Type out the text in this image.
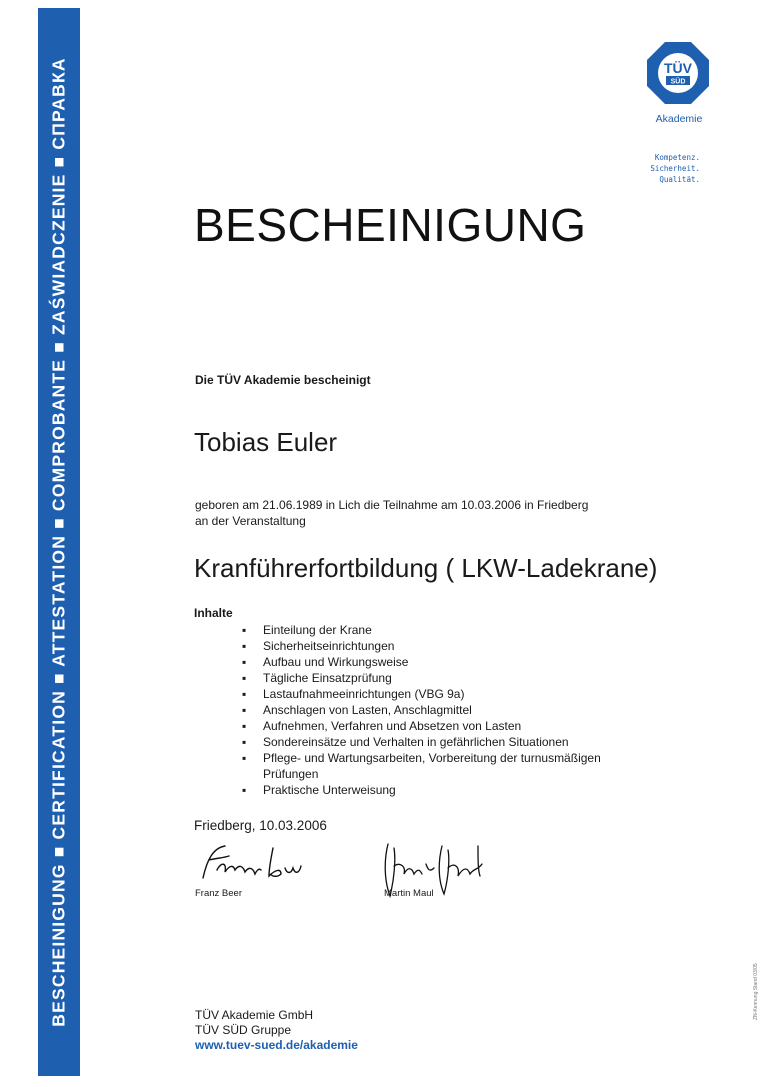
BESCHEINIGUNG ■ CERTIFICATION ■ ATTESTATION ■ COMPROBANTE ■ ZAŚWIADCZENIE ■ СПРАВКА	TÜV
SÜD
Akademie
Kompetenz.
Sicherheit.
Qualität.
BESCHEINIGUNG
Die TÜV Akademie bescheinigt
Tobias Euler
geboren am 21.06.1989 in Lich die Teilnahme am 10.03.2006 in Friedberg
an der Veranstaltung
Kranführerfortbildung ( LKW-Ladekrane)
Inhalte
▪ Einteilung der Krane
▪ Sicherheitseinrichtungen
▪ Aufbau und Wirkungsweise
▪ Tägliche Einsatzprüfung
▪ Lastaufnahmeeinrichtungen (VBG 9a)
▪ Anschlagen von Lasten, Anschlagmittel
▪ Aufnehmen, Verfahren und Absetzen von Lasten
▪ Sondereinsätze und Verhalten in gefährlichen Situationen
▪ Pflege- und Wartungsarbeiten, Vorbereitung der turnusmäßigen Prüfungen
▪ Praktische Unterweisung
Friedberg, 10.03.2006
Franz Beer	Martin Maul
TÜV Akademie GmbH
TÜV SÜD Gruppe
www.tuev-sued.de/akademie
ZN-Kennung Stand 03/05
